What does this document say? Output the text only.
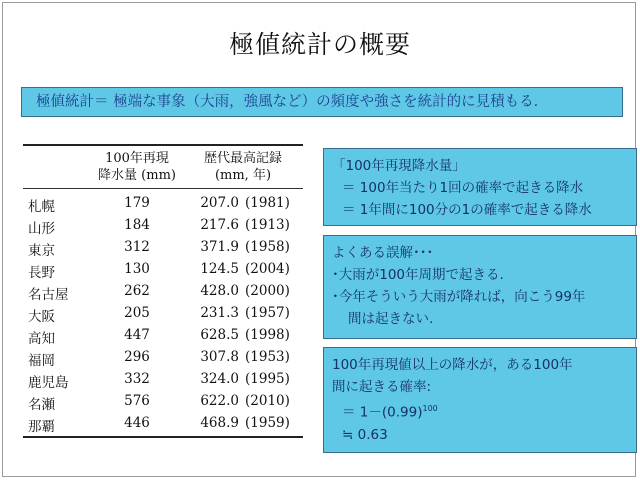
極値統計の概要
極値統計＝ 極端な事象（大雨，強風など）の頻度や強さを統計的に見積もる.
100年再現
降水量 (mm)
歴代最高記録
(mm, 年)
札幌	179	207.0 (1981)
山形	184	217.6 (1913)
東京	312	371.9 (1958)
長野	130	124.5 (2004)
名古屋	262	428.0 (2000)
大阪	205	231.3 (1957)
高知	447	628.5 (1998)
福岡	296	307.8 (1953)
鹿児島	332	324.0 (1995)
名瀬	576	622.0 (2010)
那覇	446	468.9 (1959)

「100年再現降水量」

＝ 100年当たり1回の確率で起きる降水

＝ 1年間に100分の1の確率で起きる降水

よくある誤解･･･

･大雨が100年周期で起きる.

･今年そういう大雨が降れば，向こう99年

間は起きない.

100年再現値以上の降水が，ある100年

間に起きる確率:

＝ $1-(0.99)^{100}$

≒ 0.63
